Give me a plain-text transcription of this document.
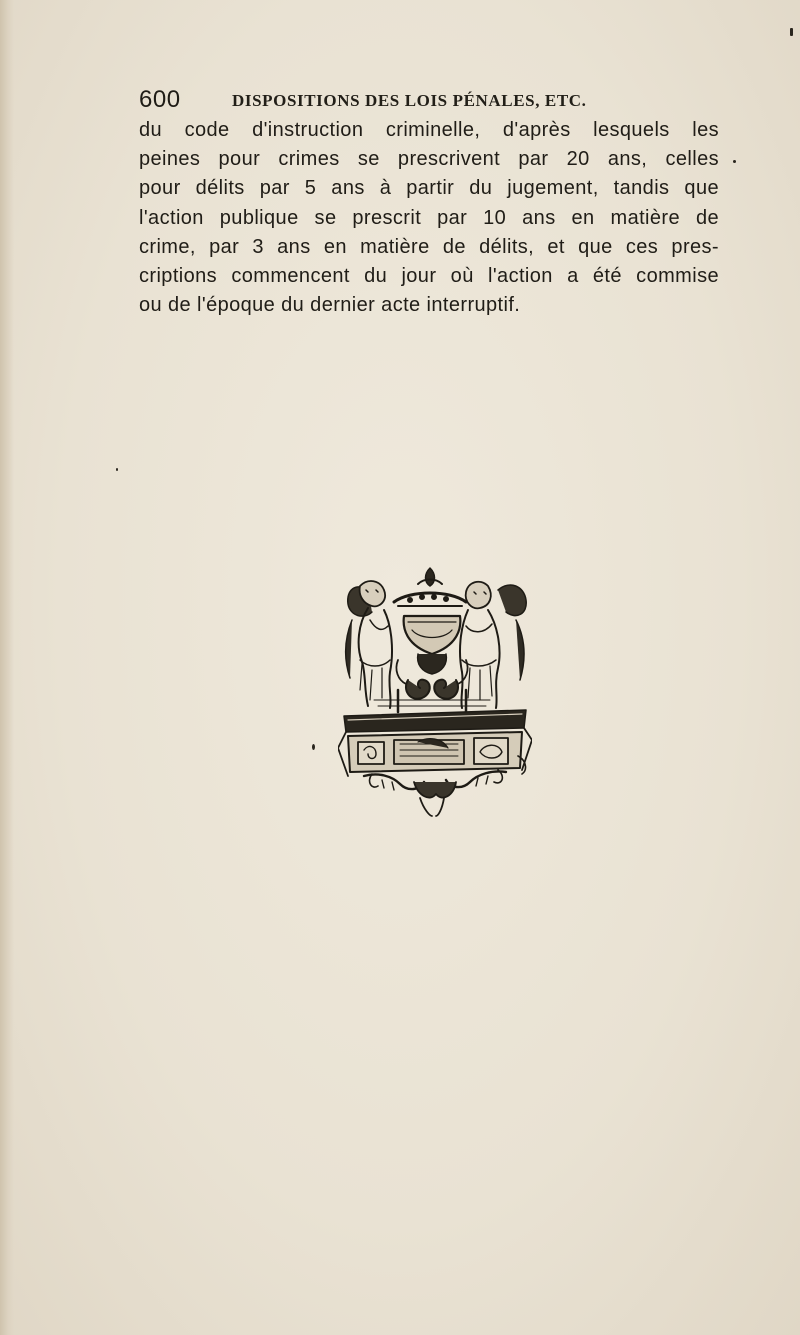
600	DISPOSITIONS DES LOIS PÉNALES, ETC.
du code d'instruction criminelle, d'après lesquels les
peines pour crimes se prescrivent par 20 ans, celles
pour délits par 5 ans à partir du jugement, tandis que
l'action publique se prescrit par 10 ans en matière de
crime, par 3 ans en matière de délits, et que ces pres-
criptions commencent du jour où l'action a été commise
ou de l'époque du dernier acte interruptif.
